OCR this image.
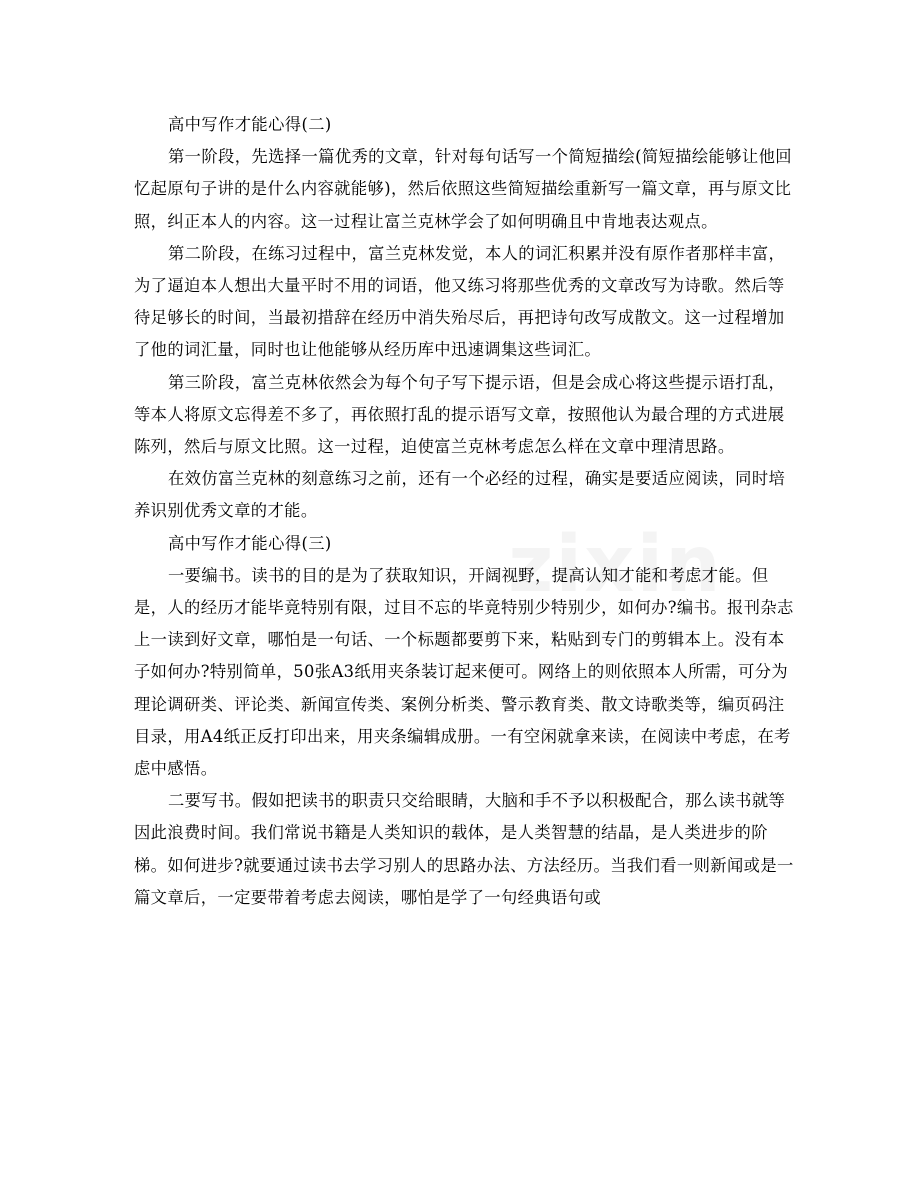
高中写作才能心得(二)

第一阶段，先选择一篇优秀的文章，针对每句话写一个简短描绘(简短描绘能够让他回忆起原句子讲的是什么内容就能够)，然后依照这些简短描绘重新写一篇文章，再与原文比照，纠正本人的内容。这一过程让富兰克林学会了如何明确且中肯地表达观点。

第二阶段，在练习过程中，富兰克林发觉，本人的词汇积累并没有原作者那样丰富，为了逼迫本人想出大量平时不用的词语，他又练习将那些优秀的文章改写为诗歌。然后等待足够长的时间，当最初措辞在经历中消失殆尽后，再把诗句改写成散文。这一过程增加了他的词汇量，同时也让他能够从经历库中迅速调集这些词汇。

第三阶段，富兰克林依然会为每个句子写下提示语，但是会成心将这些提示语打乱，等本人将原文忘得差不多了，再依照打乱的提示语写文章，按照他认为最合理的方式进展陈列，然后与原文比照。这一过程，迫使富兰克林考虑怎么样在文章中理清思路。

在效仿富兰克林的刻意练习之前，还有一个必经的过程，确实是要适应阅读，同时培养识别优秀文章的才能。

高中写作才能心得(三)

一要编书。读书的目的是为了获取知识，开阔视野，提高认知才能和考虑才能。但是，人的经历才能毕竟特别有限，过目不忘的毕竟特别少特别少，如何办?编书。报刊杂志上一读到好文章，哪怕是一句话、一个标题都要剪下来，粘贴到专门的剪辑本上。没有本子如何办?特别简单，50张A3纸用夹条装订起来便可。网络上的则依照本人所需，可分为理论调研类、评论类、新闻宣传类、案例分析类、警示教育类、散文诗歌类等，编页码注目录，用A4纸正反打印出来，用夹条编辑成册。一有空闲就拿来读，在阅读中考虑，在考虑中感悟。

二要写书。假如把读书的职责只交给眼睛，大脑和手不予以积极配合，那么读书就等因此浪费时间。我们常说书籍是人类知识的载体，是人类智慧的结晶，是人类进步的阶梯。如何进步?就要通过读书去学习别人的思路办法、方法经历。当我们看一则新闻或是一篇文章后，一定要带着考虑去阅读，哪怕是学了一句经典语句或
